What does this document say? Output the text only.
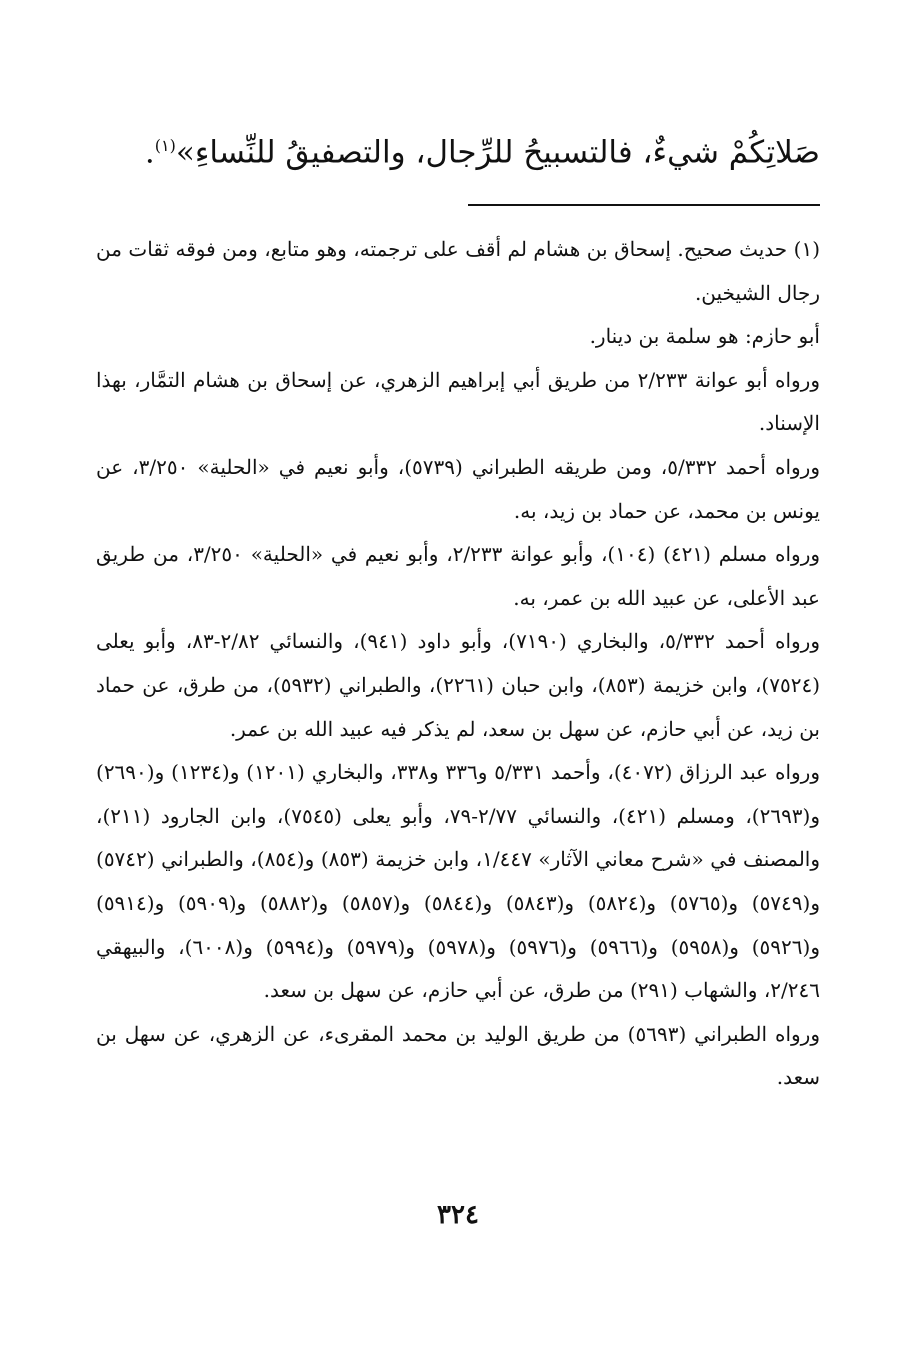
صَلاتِكُمْ شيءٌ، فالتسبيحُ للرِّجال، والتصفيقُ للنِّساءِ»$^{(١)}$.

(١) حديث صحيح. إسحاق بن هشام لم أقف على ترجمته، وهو متابع، ومن فوقه ثقات من رجال الشيخين.

أبو حازم: هو سلمة بن دينار.

ورواه أبو عوانة ٢/٢٣٣ من طريق أبي إبراهيم الزهري، عن إسحاق بن هشام التمَّار، بهذا الإسناد.

ورواه أحمد ٥/٣٣٢، ومن طريقه الطبراني (٥٧٣٩)، وأبو نعيم في «الحلية» ٣/٢٥٠، عن يونس بن محمد، عن حماد بن زيد، به.

ورواه مسلم (٤٢١) (١٠٤)، وأبو عوانة ٢/٢٣٣، وأبو نعيم في «الحلية» ٣/٢٥٠، من طريق عبد الأعلى، عن عبيد الله بن عمر، به.

ورواه أحمد ٥/٣٣٢، والبخاري (٧١٩٠)، وأبو داود (٩٤١)، والنسائي ٢/٨٢-٨٣، وأبو يعلى (٧٥٢٤)، وابن خزيمة (٨٥٣)، وابن حبان (٢٢٦١)، والطبراني (٥٩٣٢)، من طرق، عن حماد بن زيد، عن أبي حازم، عن سهل بن سعد، لم يذكر فيه عبيد الله بن عمر.

ورواه عبد الرزاق (٤٠٧٢)، وأحمد ٥/٣٣١ و٣٣٦ و٣٣٨، والبخاري (١٢٠١) و(١٢٣٤) و(٢٦٩٠) و(٢٦٩٣)، ومسلم (٤٢١)، والنسائي ٢/٧٧-٧٩، وأبو يعلى (٧٥٤٥)، وابن الجارود (٢١١)، والمصنف في «شرح معاني الآثار» ١/٤٤٧، وابن خزيمة (٨٥٣) و(٨٥٤)، والطبراني (٥٧٤٢) و(٥٧٤٩) و(٥٧٦٥) و(٥٨٢٤) و(٥٨٤٣) و(٥٨٤٤) و(٥٨٥٧) و(٥٨٨٢) و(٥٩٠٩) و(٥٩١٤) و(٥٩٢٦) و(٥٩٥٨) و(٥٩٦٦) و(٥٩٧٦) و(٥٩٧٨) و(٥٩٧٩) و(٥٩٩٤) و(٦٠٠٨)، والبيهقي ٢/٢٤٦، والشهاب (٢٩١) من طرق، عن أبي حازم، عن سهل بن سعد.

ورواه الطبراني (٥٦٩٣) من طريق الوليد بن محمد المقرىء، عن الزهري، عن سهل بن سعد.

٣٢٤
